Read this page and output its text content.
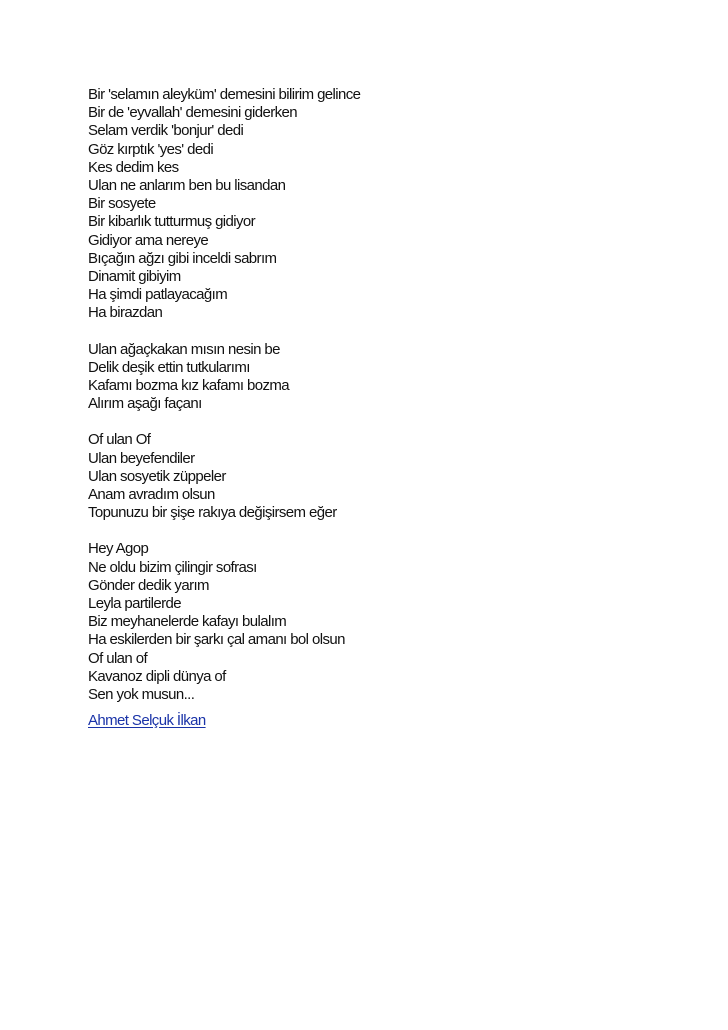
Bir 'selamın aleyküm' demesini bilirim gelince
Bir de 'eyvallah' demesini giderken
Selam verdik 'bonjur' dedi
Göz kırptık 'yes' dedi
Kes dedim kes
Ulan ne anlarım ben bu lisandan
Bir sosyete
Bir kibarlık tutturmuş gidiyor
Gidiyor ama nereye
Bıçağın ağzı gibi inceldi sabrım
Dinamit gibiyim
Ha şimdi patlayacağım
Ha birazdan
Ulan ağaçkakan mısın nesin be
Delik deşik ettin tutkularımı
Kafamı bozma kız kafamı bozma
Alırım aşağı façanı
Of ulan Of
Ulan beyefendiler
Ulan sosyetik züppeler
Anam avradım olsun
Topunuzu bir şişe rakıya değişirsem eğer
Hey Agop
Ne oldu bizim çilingir sofrası
Gönder dedik yarım
Leyla partilerde
Biz meyhanelerde kafayı bulalım
Ha eskilerden bir şarkı çal amanı bol olsun
Of ulan of
Kavanoz dipli dünya of
Sen yok musun...
Ahmet Selçuk İlkan
